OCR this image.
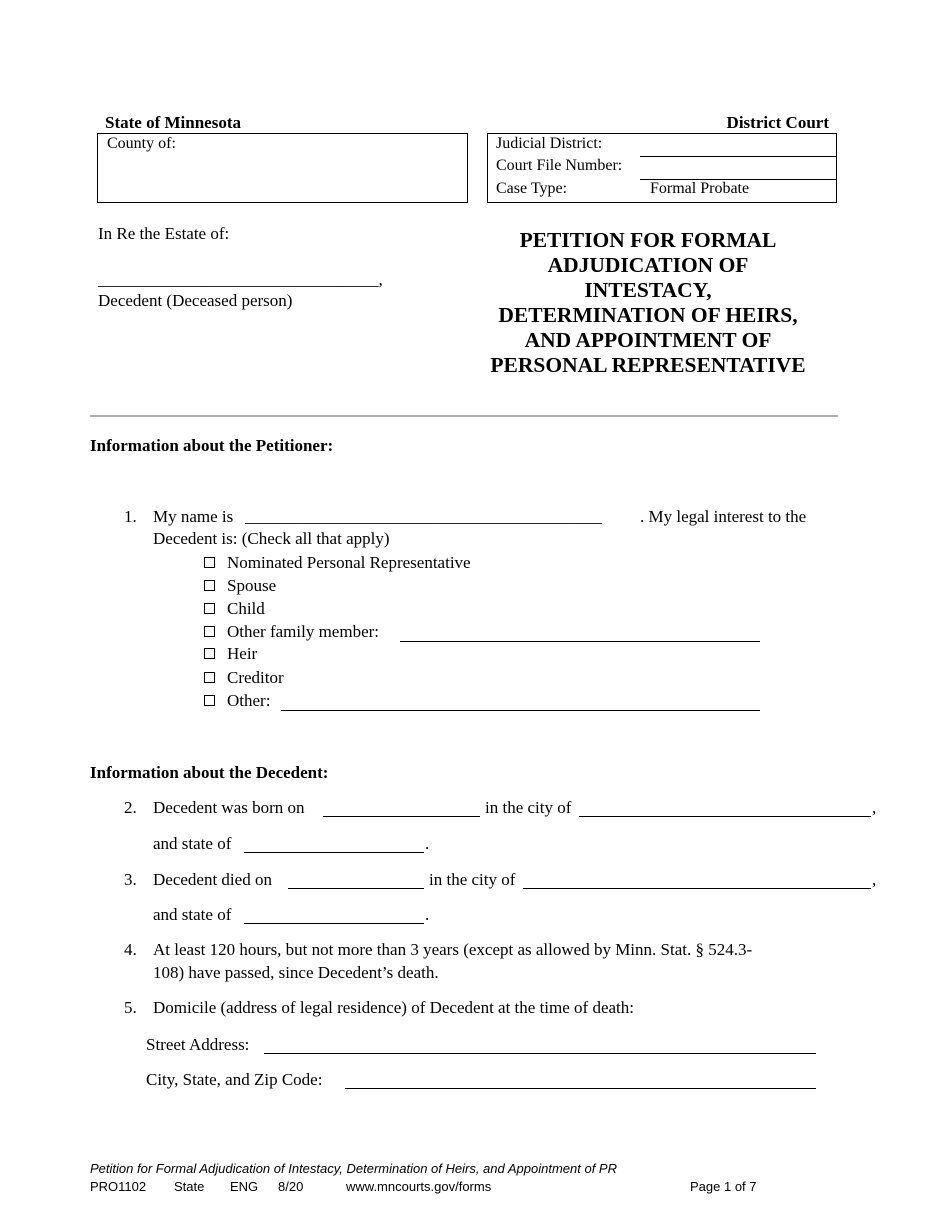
State of Minnesota	District Court
County of:	Judicial District:
Court File Number:
Case Type:	Formal Probate
In Re the Estate of:
_________________________________,
Decedent (Deceased person)
PETITION FOR FORMAL
ADJUDICATION OF
INTESTACY,
DETERMINATION OF HEIRS,
AND APPOINTMENT OF
PERSONAL REPRESENTATIVE
Information about the Petitioner:
1. My name is __________________________________________ . My legal interest to the
Decedent is: (Check all that apply)
Nominated Personal Representative
Spouse
Child
Other family member:
Heir
Creditor
Other:
Information about the Decedent:
2. Decedent was born on	in the city of	,
and state of	.
3. Decedent died on	in the city of	,
and state of	.
4. At least 120 hours, but not more than 3 years (except as allowed by Minn. Stat. § 524.3-
108) have passed, since Decedent’s death.
5. Domicile (address of legal residence) of Decedent at the time of death:
Street Address:
City, State, and Zip Code:
Petition for Formal Adjudication of Intestacy, Determination of Heirs, and Appointment of PR
PRO1102 State ENG 8/20	www.mncourts.gov/forms	Page 1 of 7
